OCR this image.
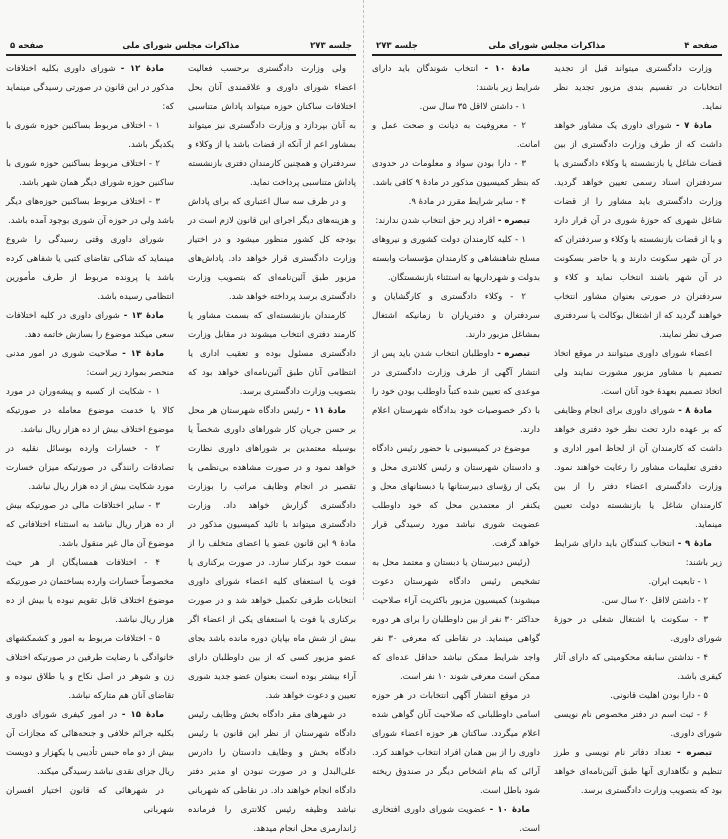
جلسه ۲۷۳
مذاکرات مجلس شورای ملی
صفحه ۵

ولی وزارت دادگستری برحسب فعالیت اعضاء شورای داوری و علاقمندی آنان بحل اختلافات ساکنان حوزه میتواند پاداش متناسبی به آنان بپردازد و وزارت دادگستری نیز میتواند بمشاور اعم از آنکه از قضات باشد یا از وکلاء و سردفتران و همچنین کارمندان دفتری بازنشسته پاداش متناسبی پرداخت نماید.

و در ظرف سه سال اعتباری که برای پاداش و هزینه‌های دیگر اجرای این قانون لازم است در بودجه کل کشور منظور میشود و در اختیار وزارت دادگستری قرار خواهد داد. پاداش‌های مزبور طبق آئین‌نامه‌ای که بتصویب وزارت دادگستری برسد پرداخته خواهد شد.

کارمندان بازنشسته‌ای که بسمت مشاور یا کارمند دفتری انتخاب میشوند در مقابل وزارت دادگستری مسئول بوده و تعقیب اداری یا انتظامی آنان طبق آئین‌نامه‌ای خواهد بود که بتصویب وزارت دادگستری برسد.

مادهٔ ۱۱ - رئیس دادگاه شهرستان هر محل بر حسن جریان کار شوراهای داوری شخصاً یا بوسیله معتمدین بر شوراهای داوری نظارت خواهد نمود و در صورت مشاهده بی‌نظمی یا تقصیر در انجام وظایف مراتب را بوزارت دادگستری گزارش خواهد داد. وزارت دادگستری میتواند با تائید کمیسیون مذکور در مادهٔ ۹ این قانون عضو یا اعضای متخلف را از سمت خود برکنار سازد. در صورت برکناری یا فوت یا استعفای کلیه اعضاء شورای داوری انتخابات طرفی تکمیل خواهد شد و در صورت برکناری یا فوت یا استعفای یکی از اعضاء اگر بیش از شش ماه بپایان دوره مانده باشد بجای عضو مزبور کسی که از بین داوطلبان دارای آراء بیشتر بوده است بعنوان عضو جدید شوری تعیین و دعوت خواهد شد.

در شهرهای مقر دادگاه بخش وظایف رئیس دادگاه شهرستان از نظر این قانون با رئیس دادگاه بخش و وظایف دادستان را دادرس علی‌البدل و در صورت نبودن او مدیر دفتر دادگاه انجام خواهند داد. در نقاطی که شهربانی نباشد وظیفه رئیس کلانتری را فرمانده ژاندارمری محل انجام میدهد.

مادهٔ ۱۲ - شورای داوری بکلیه اختلافات مذکور در این قانون در صورتی رسیدگی مینماید که:

۱ - اختلاف مربوط بساکنین حوزه شوری با یکدیگر باشد.

۲ - اختلاف مربوط بساکنین حوزه شوری با ساکنین حوزه شورای دیگر همان شهر باشد.

۳ - اختلاف مربوط بساکنین حوزه‌های دیگر باشد ولی در حوزه آن شوری بوجود آمده باشد.

شورای داوری وقتی رسیدگی را شروع مینماید که شاکی تقاضای کتبی یا شفاهی کرده باشد یا پرونده مربوط از طرف مأمورین انتظامی رسیده باشد.

مادهٔ ۱۳ - شورای داوری در کلیه اختلافات سعی میکند موضوع را بسازش خاتمه دهد.

مادهٔ ۱۴ - صلاحیت شوری در امور مدنی منحصر بموارد زیر است:

۱ - شکایت از کسبه و پیشه‌وران در مورد کالا یا خدمت موضوع معامله در صورتیکه موضوع اختلاف بیش از ده هزار ریال نباشد.

۲ - خسارات وارده بوسائل نقلیه در تصادفات رانندگی در صورتیکه میزان خسارت مورد شکایت بیش از ده هزار ریال نباشد.

۳ - سایر اختلافات مالی در صورتیکه بیش از ده هزار ریال نباشد به استثناء اختلافاتی که موضوع آن مال غیر منقول باشد.

۴ - اختلافات همسایگان از هر حیث مخصوصاً خسارات وارده بساختمان در صورتیکه موضوع اختلاف قابل تقویم نبوده یا بیش از ده هزار ریال نباشد.

۵ - اختلافات مربوط به امور و کشمکشهای خانوادگی با رضایت طرفین در صورتیکه اختلاف زن و شوهر در اصل نکاح و یا طلاق نبوده و تقاضای آنان هم متارکه نباشد.

مادهٔ ۱۵ - در امور کیفری شورای داوری بکلیه جرائم خلافی و جنحه‌هائی که مجازات آن بیش از دو ماه حبس تأدیبی یا یکهزار و دویست ریال جزای نقدی نباشد رسیدگی میکند.

در شهرهائی که قانون اختیار افسران شهربانی

صفحه ۴
مذاکرات مجلس شورای ملی
جلسه ۲۷۳

وزارت دادگستری میتواند قبل از تجدید انتخابات در تقسیم بندی مزبور تجدید نظر نماید.

مادهٔ ۷ - شورای داوری یک مشاور خواهد داشت که از طرف وزارت دادگستری از بین قضات شاغل یا بازنشسته یا وکلاء دادگستری یا سردفتران اسناد رسمی تعیین خواهد گردید. وزارت دادگستری باید مشاور را از قضات شاغل شهری که حوزهٔ شوری در آن قرار دارد و یا از قضات بازنشسته یا وکلاء و سردفتران که در آن شهر سکونت دارند و یا حاضر بسکونت در آن شهر باشند انتخاب نماید و کلاء و سردفتران در صورتی بعنوان مشاور انتخاب خواهند گردید که از اشتغال بوکالت یا سردفتری صرف نظر نمایند.

اعضاء شورای داوری میتوانند در موقع اتخاذ تصمیم با مشاور مزبور مشورت نمایند ولی اتخاذ تصمیم بعهدهٔ خود آنان است.

مادهٔ ۸ - شورای داوری برای انجام وظایفی که بر عهده دارد تحت نظر خود دفتری خواهد داشت که کارمندان آن از لحاظ امور اداری و دفتری تعلیمات مشاور را رعایت خواهند نمود. وزارت دادگستری اعضاء دفتر را از بین کارمندان شاغل یا بازنشسته دولت تعیین مینماید.

مادهٔ ۹ - انتخاب کنندگان باید دارای شرایط زیر باشند:

۱ - تابعیت ایران.

۲ - داشتن لااقل ۲۰ سال سن.

۳ - سکونت یا اشتغال شغلی در حوزهٔ شورای داوری.

۴ - نداشتن سابقه محکومیتی که دارای آثار کیفری باشد.

۵ - دارا بودن اهلیت قانونی.

۶ - ثبت اسم در دفتر مخصوص نام نویسی شورای داوری.

تبصره - تعداد دفاتر نام نویسی و طرز تنظیم و نگاهداری آنها طبق آئین‌نامه‌ای خواهد بود که بتصویب وزارت دادگستری برسد.

مادهٔ ۱۰ - انتخاب شوندگان باید دارای شرایط زیر باشند:

۱ - داشتن لااقل ۳۵ سال سن.

۲ - معروفیت به دیانت و صحت عمل و امانت.

۳ - دارا بودن سواد و معلومات در حدودی که بنظر کمیسیون مذکور در مادهٔ ۹ کافی باشد.

۴ - سایر شرایط مقرر در مادهٔ ۹.

تبصره - افراد زیر حق انتخاب شدن ندارند:

۱ - کلیه کارمندان دولت کشوری و نیروهای مسلح شاهنشاهی و کارمندان مؤسسات وابسته بدولت و شهرداریها به استثناء بازنشستگان.

۲ - وکلاء دادگستری و کارگشایان و سردفتران و دفتریاران تا زمانیکه اشتغال بمشاغل مزبور دارند.

تبصره - داوطلبان انتخاب شدن باید پس از انتشار آگهی از طرف وزارت دادگستری در موعدی که تعیین شده کتباً داوطلب بودن خود را با ذکر خصوصیات خود بدادگاه شهرستان اعلام دارند.

موضوع در کمیسیونی با حضور رئیس دادگاه و دادستان شهرستان و رئیس کلانتری محل و یکی از رؤسای دبیرستانها یا دبستانهای محل و یکنفر از معتمدین محل که خود داوطلب عضویت شوری نباشد مورد رسیدگی قرار خواهد گرفت.

(رئیس دبیرستان یا دبستان و معتمد محل به تشخیص رئیس دادگاه شهرستان دعوت میشوند) کمیسیون مزبور باکثریت آراء صلاحیت حداکثر ۳۰ نفر از بین داوطلبان را برای هر دوره گواهی مینماید. در نقاطی که معرفی ۳۰ نفر واجد شرایط ممکن نباشد حداقل عده‌ای که ممکن است معرفی شوند ۱۰ نفر است.

در موقع انتشار آگهی انتخابات در هر حوزه اسامی داوطلبانی که صلاحیت آنان گواهی شده اعلام میگردد. ساکنان هر حوزه اعضاء شورای داوری را از بین همان افراد انتخاب خواهند کرد. آرائی که بنام اشخاص دیگر در صندوق ریخته شود باطل است.

مادهٔ ۱۰ - عضویت شورای داوری افتخاری است.
